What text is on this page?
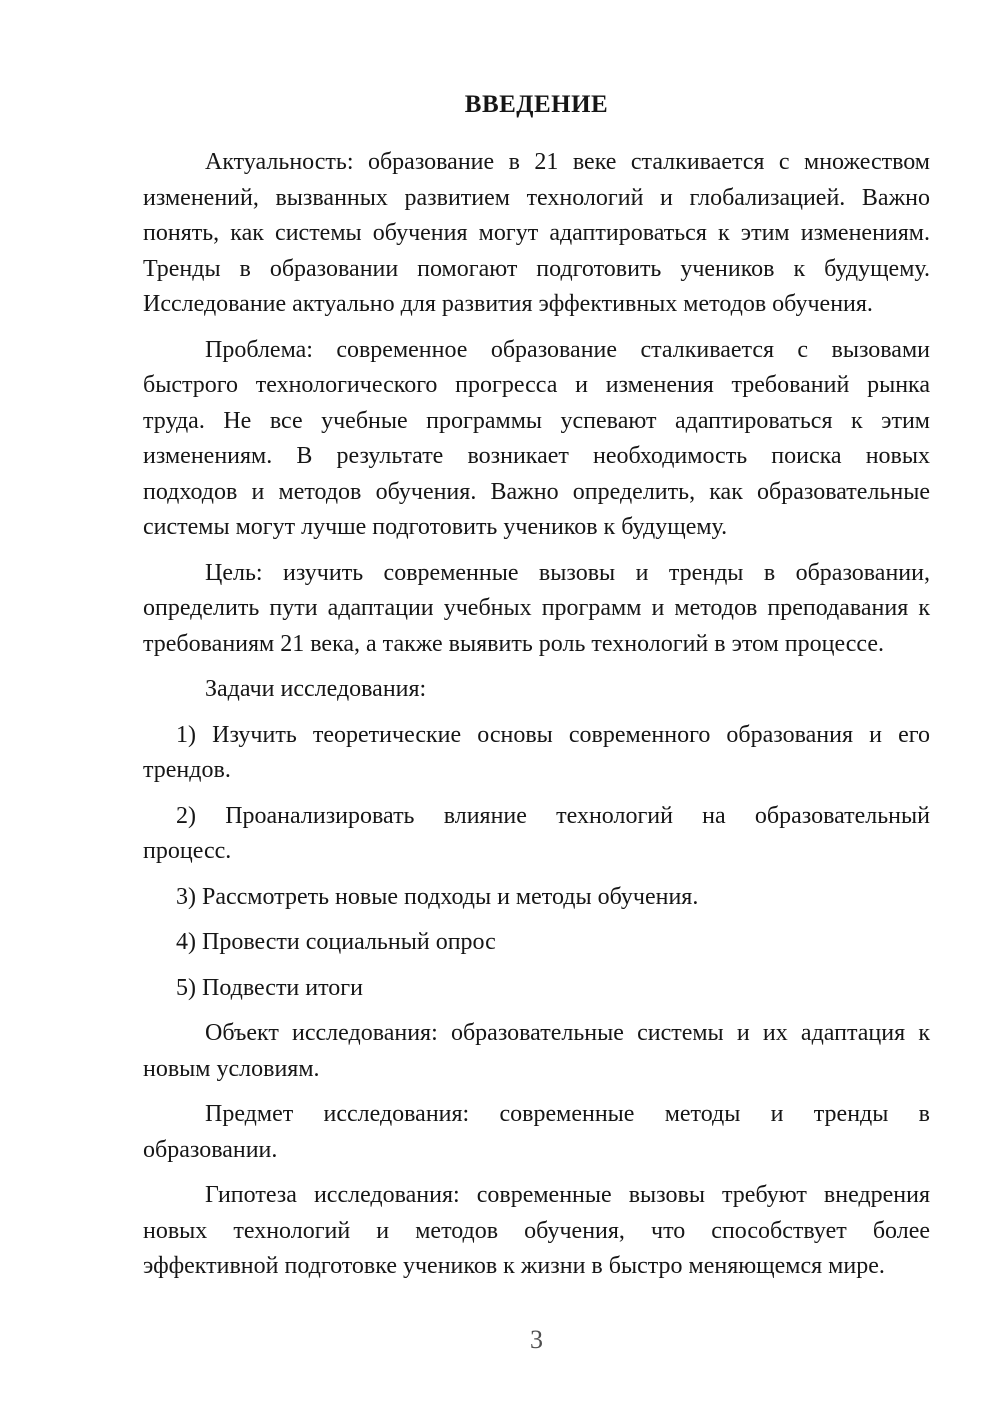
ВВЕДЕНИЕ
Актуальность: образование в 21 веке сталкивается с множеством
изменений, вызванных развитием технологий и глобализацией. Важно
понять, как системы обучения могут адаптироваться к этим изменениям.
Тренды в образовании помогают подготовить учеников к будущему.
Исследование актуально для развития эффективных методов обучения.
Проблема: современное образование сталкивается с вызовами
быстрого технологического прогресса и изменения требований рынка
труда. Не все учебные программы успевают адаптироваться к этим
изменениям. В результате возникает необходимость поиска новых
подходов и методов обучения. Важно определить, как образовательные
системы могут лучше подготовить учеников к будущему.
Цель: изучить современные вызовы и тренды в образовании,
определить пути адаптации учебных программ и методов преподавания к
требованиям 21 века, а также выявить роль технологий в этом процессе.
Задачи исследования:
1) Изучить теоретические основы современного образования и его
трендов.
2) Проанализировать влияние технологий на образовательный
процесс.
3) Рассмотреть новые подходы и методы обучения.
4) Провести социальный опрос
5) Подвести итоги
Объект исследования: образовательные системы и их адаптация к
новым условиям.
Предмет исследования: современные методы и тренды в
образовании.
Гипотеза исследования: современные вызовы требуют внедрения
новых технологий и методов обучения, что способствует более
эффективной подготовке учеников к жизни в быстро меняющемся мире.
3
